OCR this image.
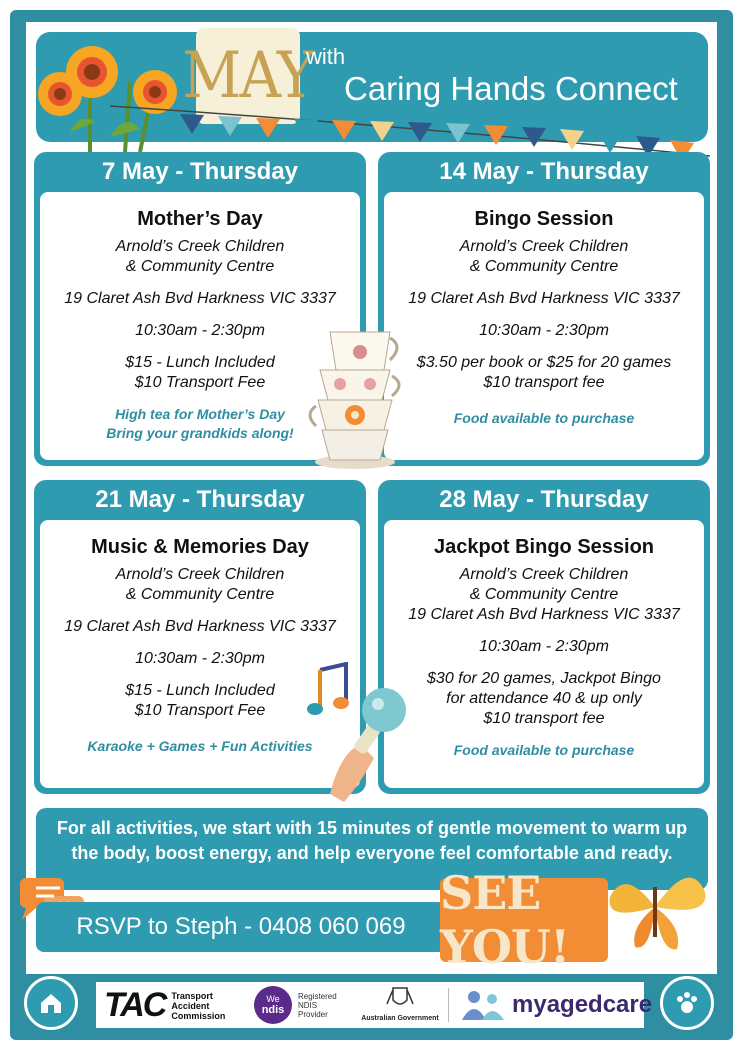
MAY
with
Caring Hands Connect
7 May - Thursday
Mother’s Day
Arnold’s Creek Children
& Community Centre
19 Claret Ash Bvd Harkness VIC 3337
10:30am - 2:30pm
$15 - Lunch Included
$10 Transport Fee
High tea for Mother’s Day
Bring your grandkids along!
14 May - Thursday
Bingo Session
Arnold’s Creek Children
& Community Centre
19 Claret Ash Bvd Harkness VIC 3337
10:30am - 2:30pm
$3.50 per book or $25 for 20 games
$10 transport fee
Food available to purchase
21 May - Thursday
Music & Memories Day
Arnold’s Creek Children
& Community Centre
19 Claret Ash Bvd Harkness VIC 3337
10:30am - 2:30pm
$15 - Lunch Included
$10 Transport Fee
Karaoke + Games + Fun Activities
28 May - Thursday
Jackpot Bingo Session
Arnold’s Creek Children
& Community Centre
19 Claret Ash Bvd Harkness VIC 3337
10:30am - 2:30pm
$30 for 20 games, Jackpot Bingo
for attendance 40 & up only
$10 transport fee
Food available to purchase
For all activities, we start with 15 minutes of gentle movement to warm up the body, boost energy, and help everyone feel comfortable and ready.
RSVP to Steph - 0408 060 069
SEE YOU!
TAC Transport
Accident
Commission
We
ndis
Registered
NDIS
Provider	Australian Government
myagedcare
